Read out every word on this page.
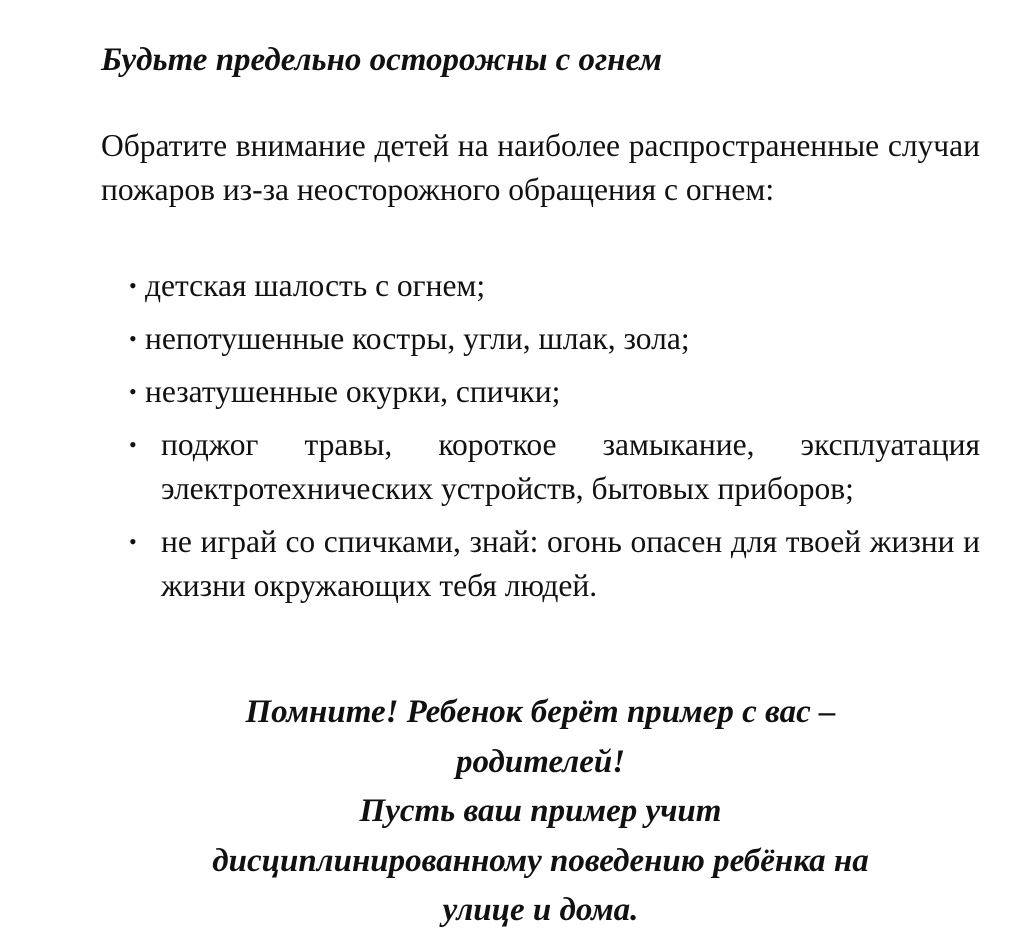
Будьте предельно осторожны с огнем

Обратите внимание детей на наиболее распространенные случаи пожаров из-за неосторожного обращения с огнем:

• детская шалость с огнем;
• непотушенные костры, угли, шлак, зола;
• незатушенные окурки, спички;
• поджог травы, короткое замыкание, эксплуатация электротехнических устройств, бытовых приборов;
• не играй со спичками, знай: огонь опасен для твоей жизни и жизни окружающих тебя людей.

Помните! Ребенок берёт пример с вас –
родителей!
Пусть ваш пример учит
дисциплинированному поведению ребёнка на
улице и дома.
